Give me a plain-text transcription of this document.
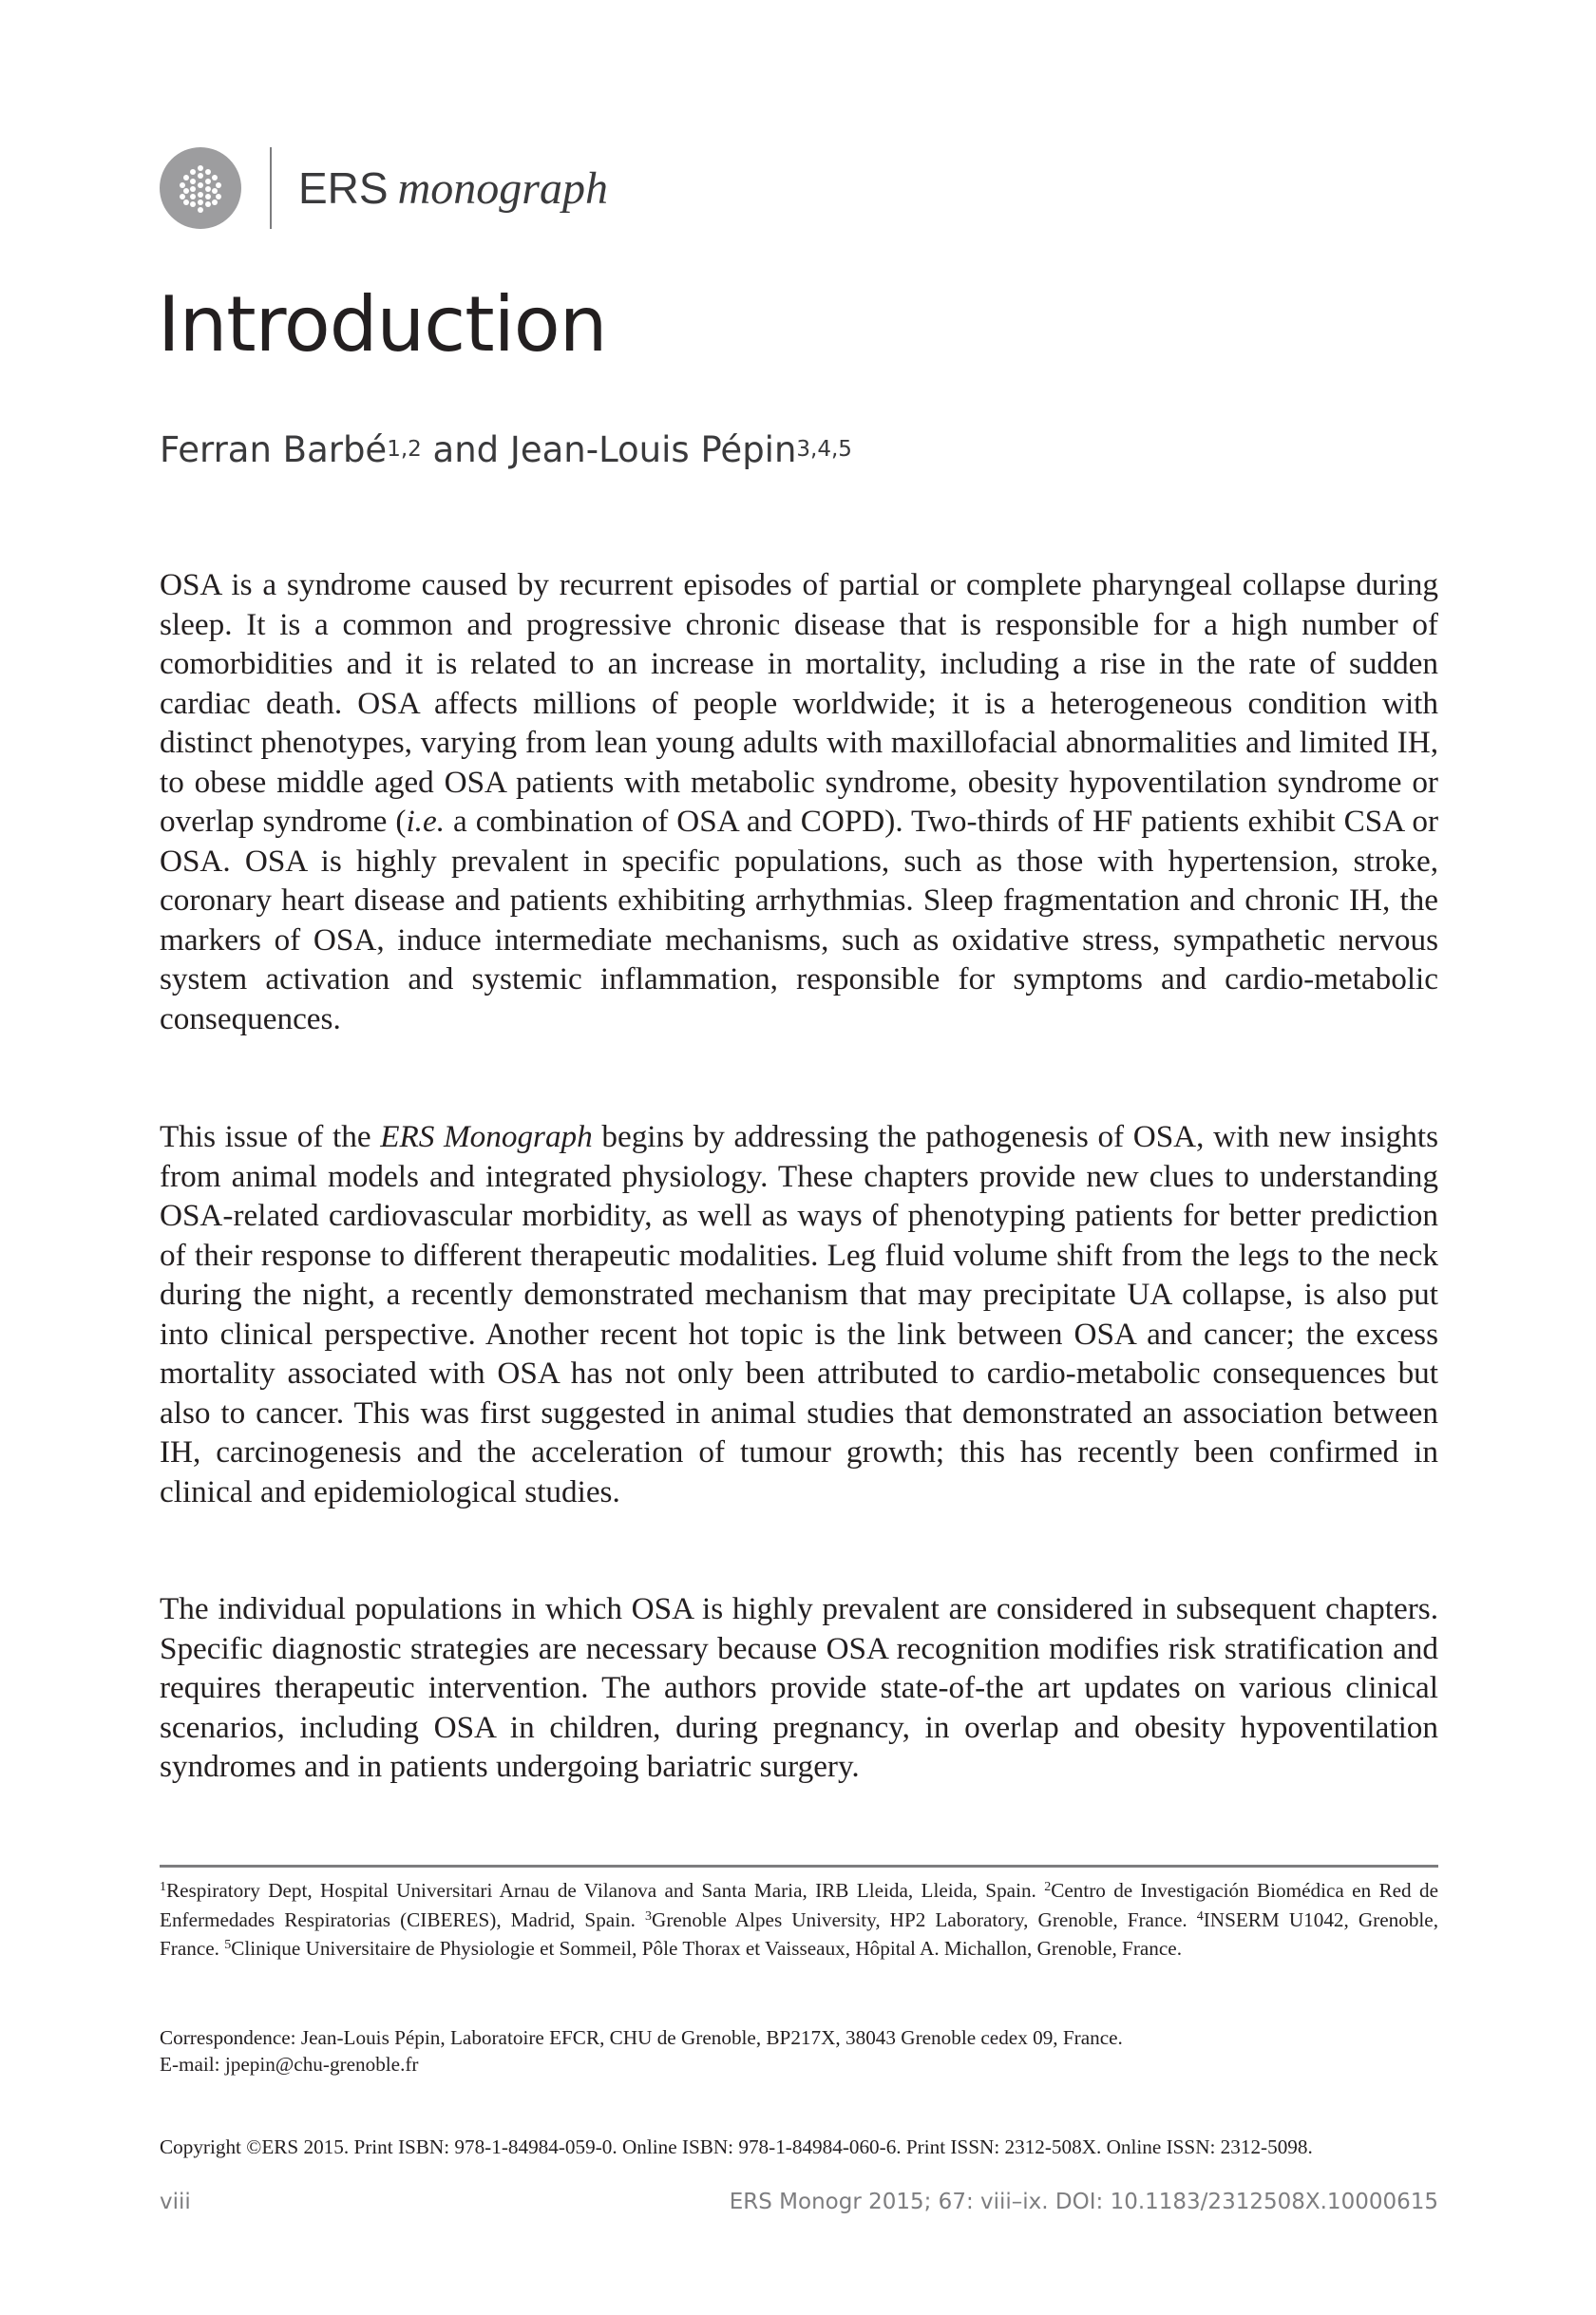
ERS monograph
Introduction

Ferran Barbé$^{1,2}$ and Jean-Louis Pépin$^{3,4,5}$

OSA is a syndrome caused by recurrent episodes of partial or complete pharyngeal collapse during sleep. It is a common and progressive chronic disease that is responsible for a high number of comorbidities and it is related to an increase in mortality, including a rise in the rate of sudden cardiac death. OSA affects millions of people worldwide; it is a heterogeneous condition with distinct phenotypes, varying from lean young adults with maxillofacial abnormalities and limited IH, to obese middle aged OSA patients with metabolic syndrome, obesity hypoventilation syndrome or overlap syndrome (i.e. a combination of OSA and COPD). Two-thirds of HF patients exhibit CSA or OSA. OSA is highly prevalent in specific populations, such as those with hypertension, stroke, coronary heart disease and patients exhibiting arrhythmias. Sleep fragmentation and chronic IH, the markers of OSA, induce intermediate mechanisms, such as oxidative stress, sympathetic nervous system activation and systemic inflammation, responsible for symptoms and cardio-metabolic consequences.

This issue of the ERS Monograph begins by addressing the pathogenesis of OSA, with new insights from animal models and integrated physiology. These chapters provide new clues to understanding OSA-related cardiovascular morbidity, as well as ways of phenotyping patients for better prediction of their response to different therapeutic modalities. Leg fluid volume shift from the legs to the neck during the night, a recently demonstrated mechanism that may precipitate UA collapse, is also put into clinical perspective. Another recent hot topic is the link between OSA and cancer; the excess mortality associated with OSA has not only been attributed to cardio-metabolic consequences but also to cancer. This was first suggested in animal studies that demonstrated an association between IH, carcinogenesis and the acceleration of tumour growth; this has recently been confirmed in clinical and epidemiological studies.

The individual populations in which OSA is highly prevalent are considered in subsequent chapters. Specific diagnostic strategies are necessary because OSA recognition modifies risk stratification and requires therapeutic intervention. The authors provide state-of-the art updates on various clinical scenarios, including OSA in children, during pregnancy, in overlap and obesity hypoventilation syndromes and in patients undergoing bariatric surgery.

$^1$Respiratory Dept, Hospital Universitari Arnau de Vilanova and Santa Maria, IRB Lleida, Lleida, Spain. $^2$Centro de Investigación Biomédica en Red de Enfermedades Respiratorias (CIBERES), Madrid, Spain. $^3$Grenoble Alpes University, HP2 Laboratory, Grenoble, France. $^4$INSERM U1042, Grenoble, France. $^5$Clinique Universitaire de Physiologie et Sommeil, Pôle Thorax et Vaisseaux, Hôpital A. Michallon, Grenoble, France.

Correspondence: Jean-Louis Pépin, Laboratoire EFCR, CHU de Grenoble, BP217X, 38043 Grenoble cedex 09, France.
E-mail: jpepin@chu-grenoble.fr

Copyright ©ERS 2015. Print ISBN: 978-1-84984-059-0. Online ISBN: 978-1-84984-060-6. Print ISSN: 2312-508X. Online ISSN: 2312-5098.

viii	ERS Monogr 2015; 67: viii–ix. DOI: 10.1183/2312508X.10000615
